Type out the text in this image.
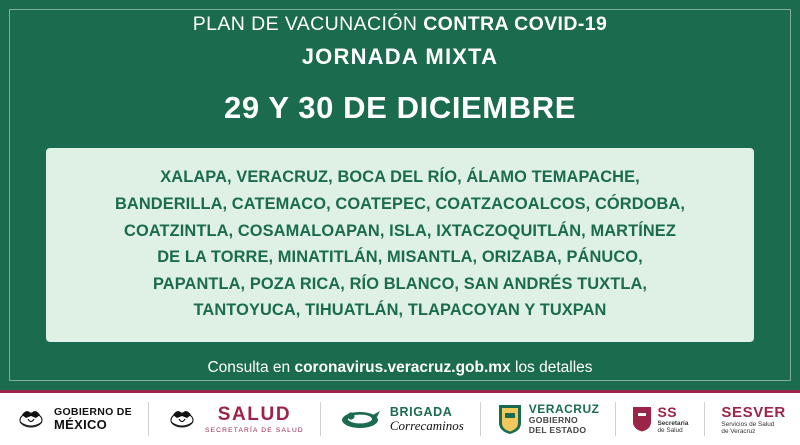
PLAN DE VACUNACIÓN CONTRA COVID-19
JORNADA MIXTA
29 Y 30 DE DICIEMBRE
XALAPA, VERACRUZ, BOCA DEL RÍO, ÁLAMO TEMAPACHE,
BANDERILLA, CATEMACO, COATEPEC, COATZACOALCOS, CÓRDOBA,
COATZINTLA, COSAMALOAPAN, ISLA, IXTACZOQUITLÁN, MARTÍNEZ
DE LA TORRE, MINATITLÁN, MISANTLA, ORIZABA, PÁNUCO,
PAPANTLA, POZA RICA, RÍO BLANCO, SAN ANDRÉS TUXTLA,
TANTOYUCA, TIHUATLÁN, TLAPACOYAN Y TUXPAN
Consulta en coronavirus.veracruz.gob.mx los detalles
GOBIERNO DE
MÉXICO	SALUD
SECRETARÍA DE SALUD
BRIGADA
Correcaminos
VERACRUZ
GOBIERNO
DEL ESTADO
SS
Secretaría
de Salud
SESVER
Servicios de Salud
de Veracruz
